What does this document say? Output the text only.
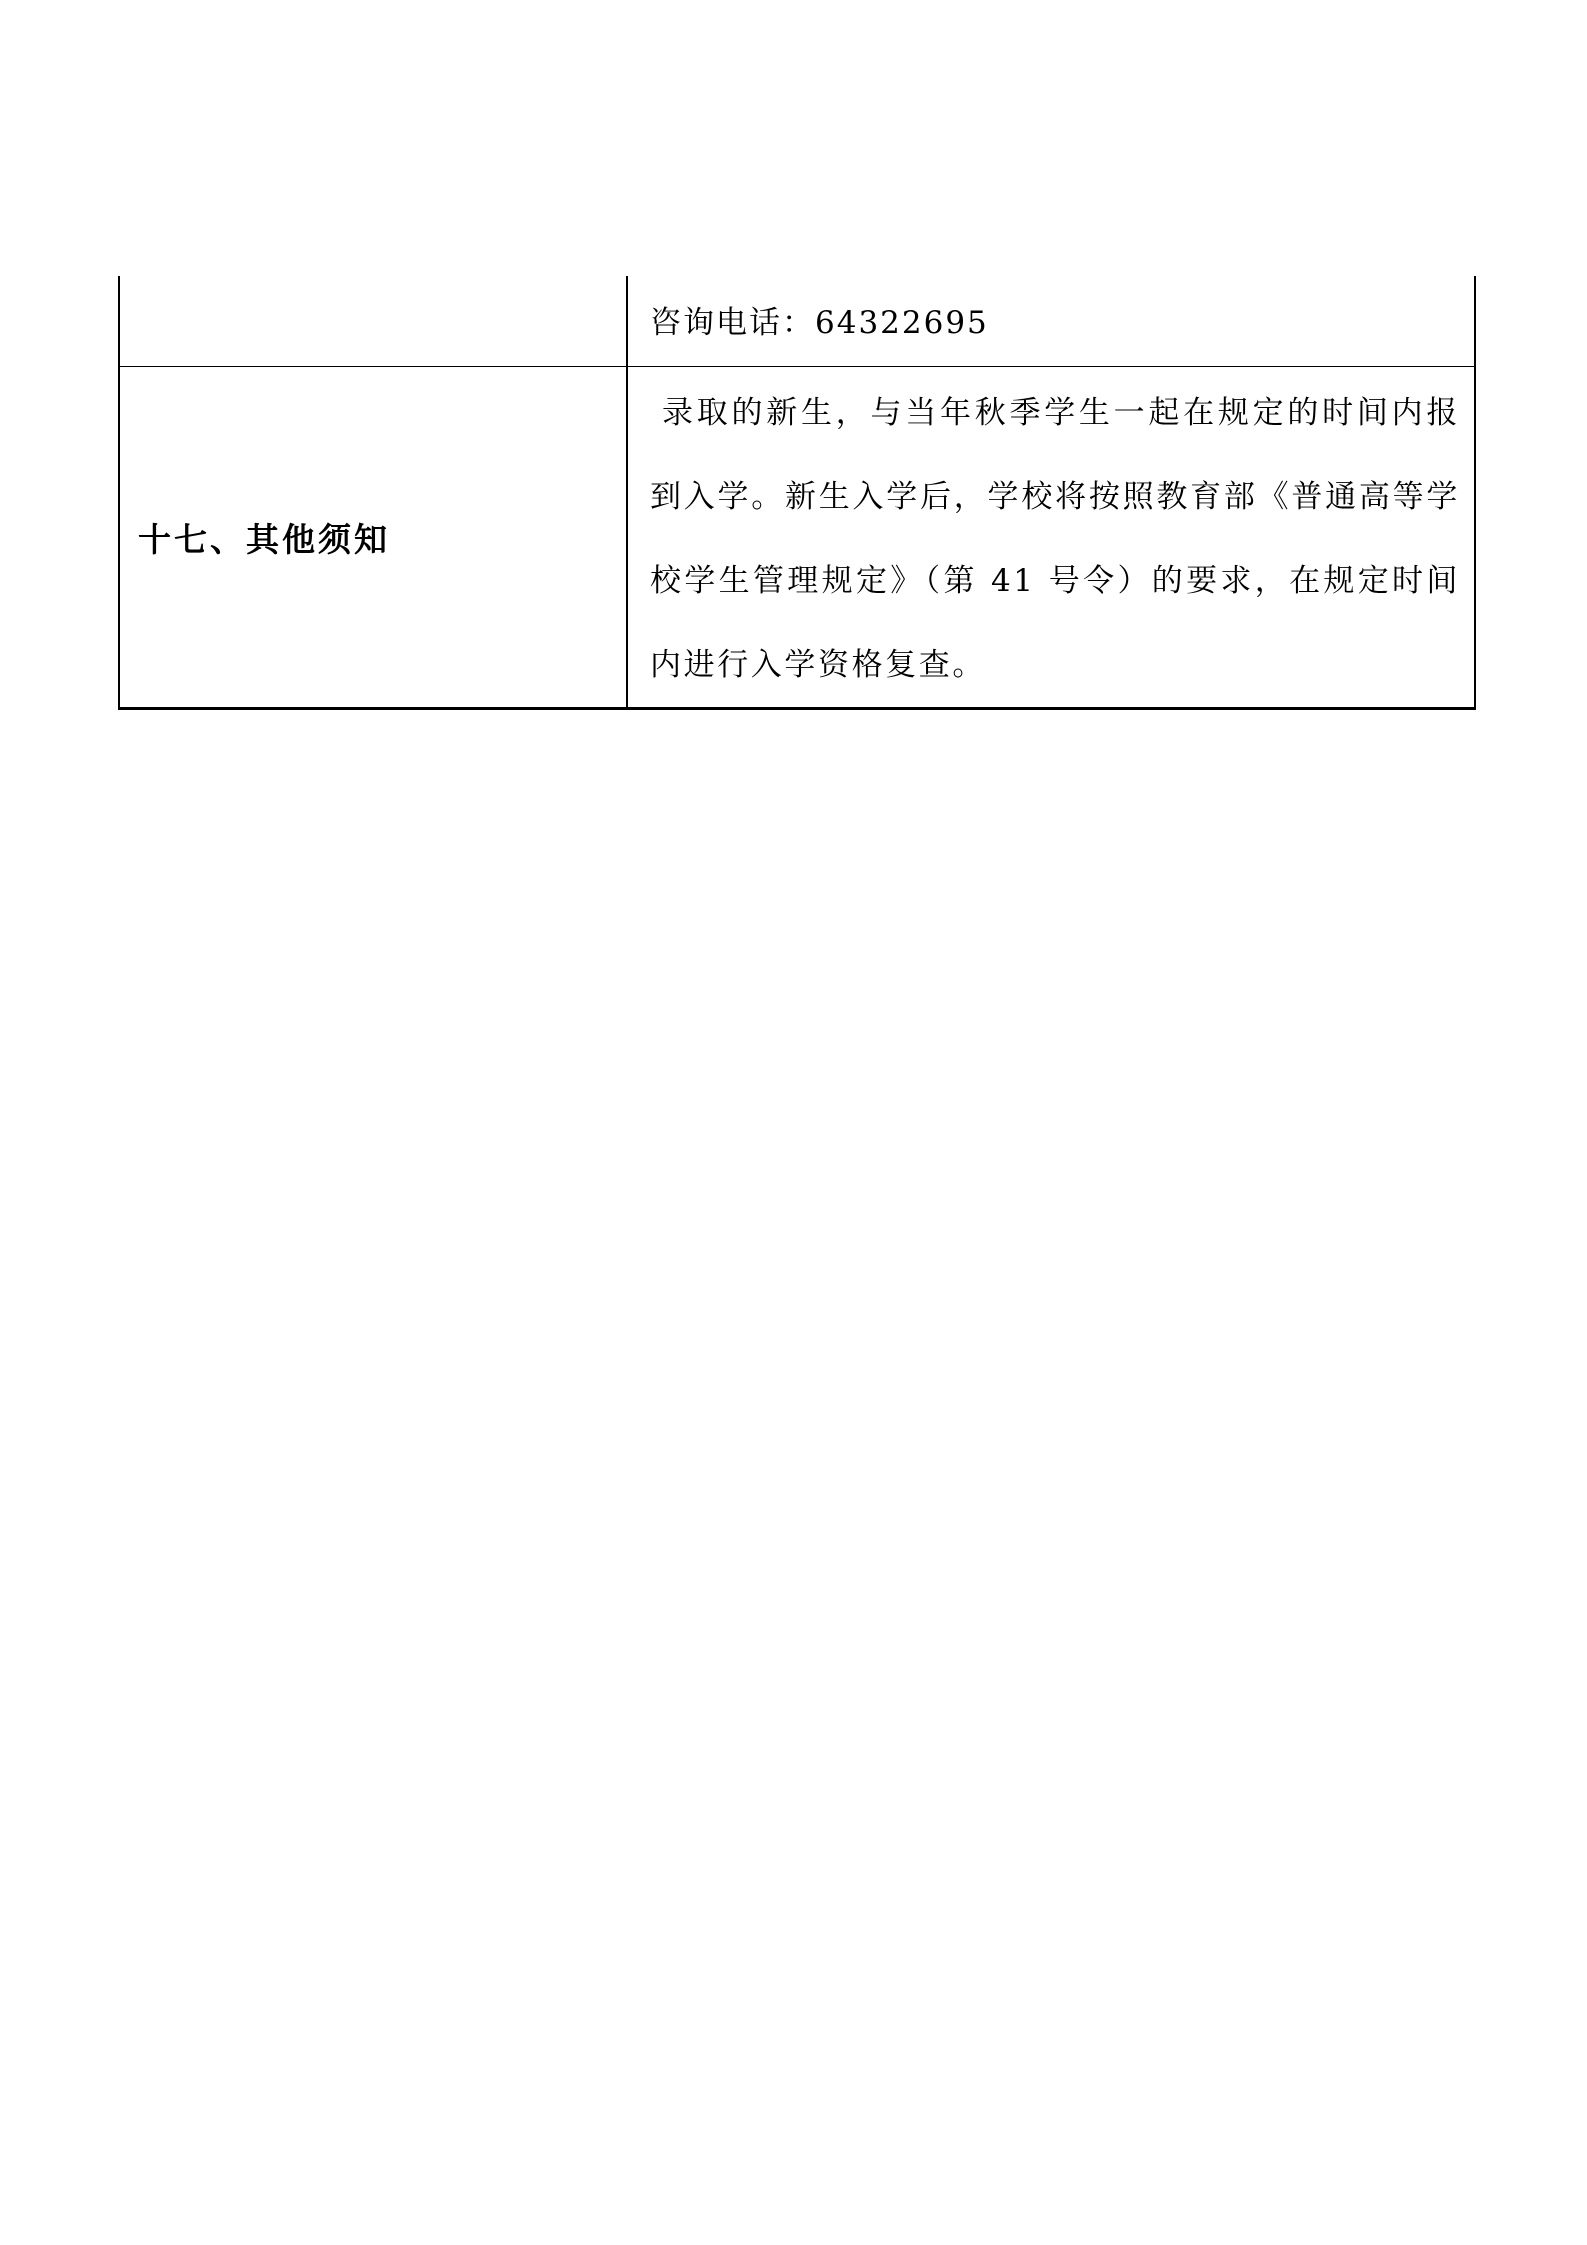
	咨询电话：64322695

十七、其他须知	录取的新生，与当年秋季学生一起在规定的时间内报到入学。新生入学后，学校将按照教育部《普通高等学校学生管理规定》（第 41 号令）的要求，在规定时间内进行入学资格复查。
